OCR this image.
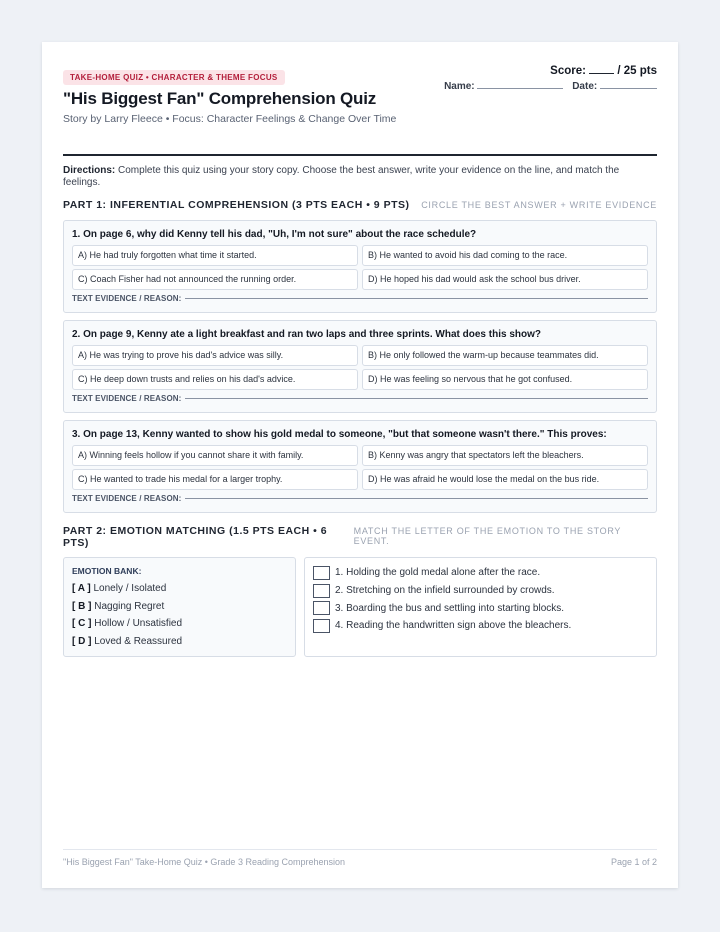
TAKE-HOME QUIZ • CHARACTER & THEME FOCUS
"His Biggest Fan" Comprehension Quiz
Story by Larry Fleece • Focus: Character Feelings & Change Over Time
Score:	/ 25 pts
Name:	Date:
Directions: Complete this quiz using your story copy. Choose the best answer, write your evidence on the line, and match the feelings.
PART 1: INFERENTIAL COMPREHENSION (3 PTS EACH • 9 PTS) CIRCLE THE BEST ANSWER + WRITE EVIDENCE
1. On page 6, why did Kenny tell his dad, "Uh, I'm not sure" about the race schedule?
A) He had truly forgotten what time it started.	B) He wanted to avoid his dad coming to the race.
C) Coach Fisher had not announced the running order.	D) He hoped his dad would ask the school bus driver.
TEXT EVIDENCE / REASON:
2. On page 9, Kenny ate a light breakfast and ran two laps and three sprints. What does this show?
A) He was trying to prove his dad's advice was silly.	B) He only followed the warm-up because teammates did.
C) He deep down trusts and relies on his dad's advice.	D) He was feeling so nervous that he got confused.
TEXT EVIDENCE / REASON:
3. On page 13, Kenny wanted to show his gold medal to someone, "but that someone wasn't there." This proves:
A) Winning feels hollow if you cannot share it with family.	B) Kenny was angry that spectators left the bleachers.
C) He wanted to trade his medal for a larger trophy.	D) He was afraid he would lose the medal on the bus ride.
TEXT EVIDENCE / REASON:
PART 2: EMOTION MATCHING (1.5 PTS EACH • 6 PTS)
MATCH THE LETTER OF THE EMOTION TO THE STORY EVENT.
EMOTION BANK:
[ A ] Lonely / Isolated
[ B ] Nagging Regret
[ C ] Hollow / Unsatisfied
[ D ] Loved & Reassured
1. Holding the gold medal alone after the race.
2. Stretching on the infield surrounded by crowds.
3. Boarding the bus and settling into starting blocks.
4. Reading the handwritten sign above the bleachers.
"His Biggest Fan" Take-Home Quiz • Grade 3 Reading Comprehension	Page 1 of 2
